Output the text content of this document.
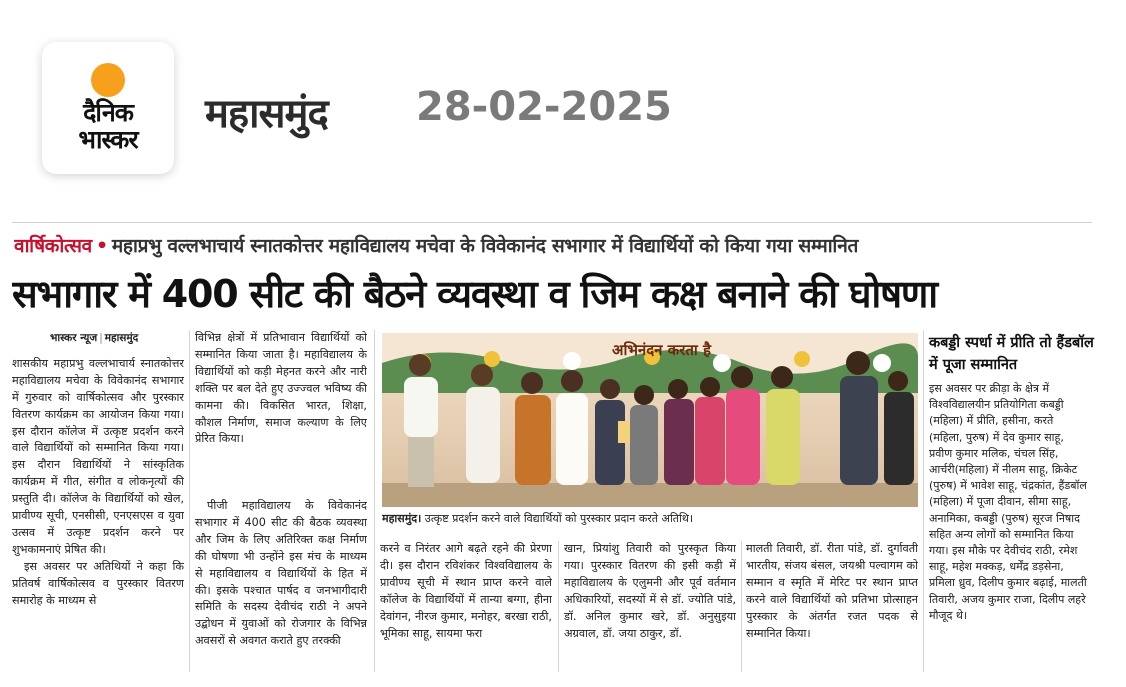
दैनिक
भास्कर
महासमुंद 28-02-2025
वार्षिकोत्सव • महाप्रभु वल्लभाचार्य स्नातकोत्तर महाविद्यालय मचेवा के विवेकानंद सभागार में विद्यार्थियों को किया गया सम्मानित
सभागार में 400 सीट की बैठने व्यवस्था व जिम कक्ष बनाने की घोषणा
भास्कर न्यूज | महासमुंद

शासकीय महाप्रभु वल्लभाचार्य स्नातकोत्तर महाविद्यालय मचेवा के विवेकानंद सभागार में गुरुवार को वार्षिकोत्सव और पुरस्कार वितरण कार्यक्रम का आयोजन किया गया। इस दौरान कॉलेज में उत्कृष्ट प्रदर्शन करने वाले विद्यार्थियों को सम्मानित किया गया। इस दौरान विद्यार्थियों ने सांस्कृतिक कार्यक्रम में गीत, संगीत व लोकनृत्यों की प्रस्तुति दी। कॉलेज के विद्यार्थियों को खेल, प्रावीण्य सूची, एनसीसी, एनएसएस व युवा उत्सव में उत्कृष्ट प्रदर्शन करने पर शुभकामनाएं प्रेषित की।

इस अवसर पर अतिथियों ने कहा कि प्रतिवर्ष वार्षिकोत्सव व पुरस्कार वितरण समारोह के माध्यम से

विभिन्न क्षेत्रों में प्रतिभावान विद्यार्थियों को सम्मानित किया जाता है। महाविद्यालय के विद्यार्थियों को कड़ी मेहनत करने और नारी शक्ति पर बल देते हुए उज्ज्वल भविष्य की कामना की। विकसित भारत, शिक्षा, कौशल निर्माण, समाज कल्याण के लिए प्रेरित किया।
पीजी महाविद्यालय के विवेकानंद सभागार में 400 सीट की बैठक व्यवस्था और जिम के लिए अतिरिक्त कक्ष निर्माण की घोषणा भी उन्होंने इस मंच के माध्यम से महाविद्यालय व विद्यार्थियों के हित में की। इसके पश्चात पार्षद व जनभागीदारी समिति के सदस्य देवीचंद राठी ने अपने उद्बोधन में युवाओं को रोजगार के विभिन्न अवसरों से अवगत कराते हुए तरक्की
अभिनंदन करता है
महासमुंद। उत्कृष्ट प्रदर्शन करने वाले विद्यार्थियों को पुरस्कार प्रदान करते अतिथि।
करने व निरंतर आगे बढ़ते रहने की प्रेरणा दी। इस दौरान रविशंकर विश्वविद्यालय के प्रावीण्य सूची में स्थान प्राप्त करने वाले कॉलेज के विद्यार्थियों में तान्या बग्गा, हीना देवांगन, नीरज कुमार, मनोहर, बरखा राठी, भूमिका साहू, सायमा फरा
खान, प्रियांशु तिवारी को पुरस्कृत किया गया। पुरस्कार वितरण की इसी कड़ी में महाविद्यालय के एलुमनी और पूर्व वर्तमान अधिकारियों, सदस्यों में से डॉ. ज्योति पांडे, डॉ. अनिल कुमार खरे, डॉ. अनुसुइया अग्रवाल, डॉ. जया ठाकुर, डॉ.
मालती तिवारी, डॉ. रीता पांडे, डॉ. दुर्गावती भारतीय, संजय बंसल, जयश्री पल्वागम को सम्मान व स्मृति में मेरिट पर स्थान प्राप्त करने वाले विद्यार्थियों को प्रतिभा प्रोत्साहन पुरस्कार के अंतर्गत रजत पदक से सम्मानित किया।
कबड्डी स्पर्धा में प्रीति तो हैंडबॉल में पूजा सम्मानित
इस अवसर पर क्रीड़ा के क्षेत्र में विश्वविद्यालयीन प्रतियोगिता कबड्डी (महिला) में प्रीति, हसीना, करते (महिला, पुरुष) में देव कुमार साहू, प्रवीण कुमार मलिक, चंचल सिंह, आर्चरी(महिला) में नीलम साहू, क्रिकेट (पुरुष) में भावेश साहू, चंद्रकांत, हैंडबॉल (महिला) में पूजा दीवान, सीमा साहू, अनामिका, कबड्डी (पुरुष) सूरज निषाद सहित अन्य लोगों को सम्मानित किया गया। इस मौके पर देवीचंद राठी, रमेश साहू, महेश मक्कड़, धर्मेंद्र डड़सेना, प्रमिला ध्रुव, दिलीप कुमार बढ़ाई, मालती तिवारी, अजय कुमार राजा, दिलीप लहरे मौजूद थे।
